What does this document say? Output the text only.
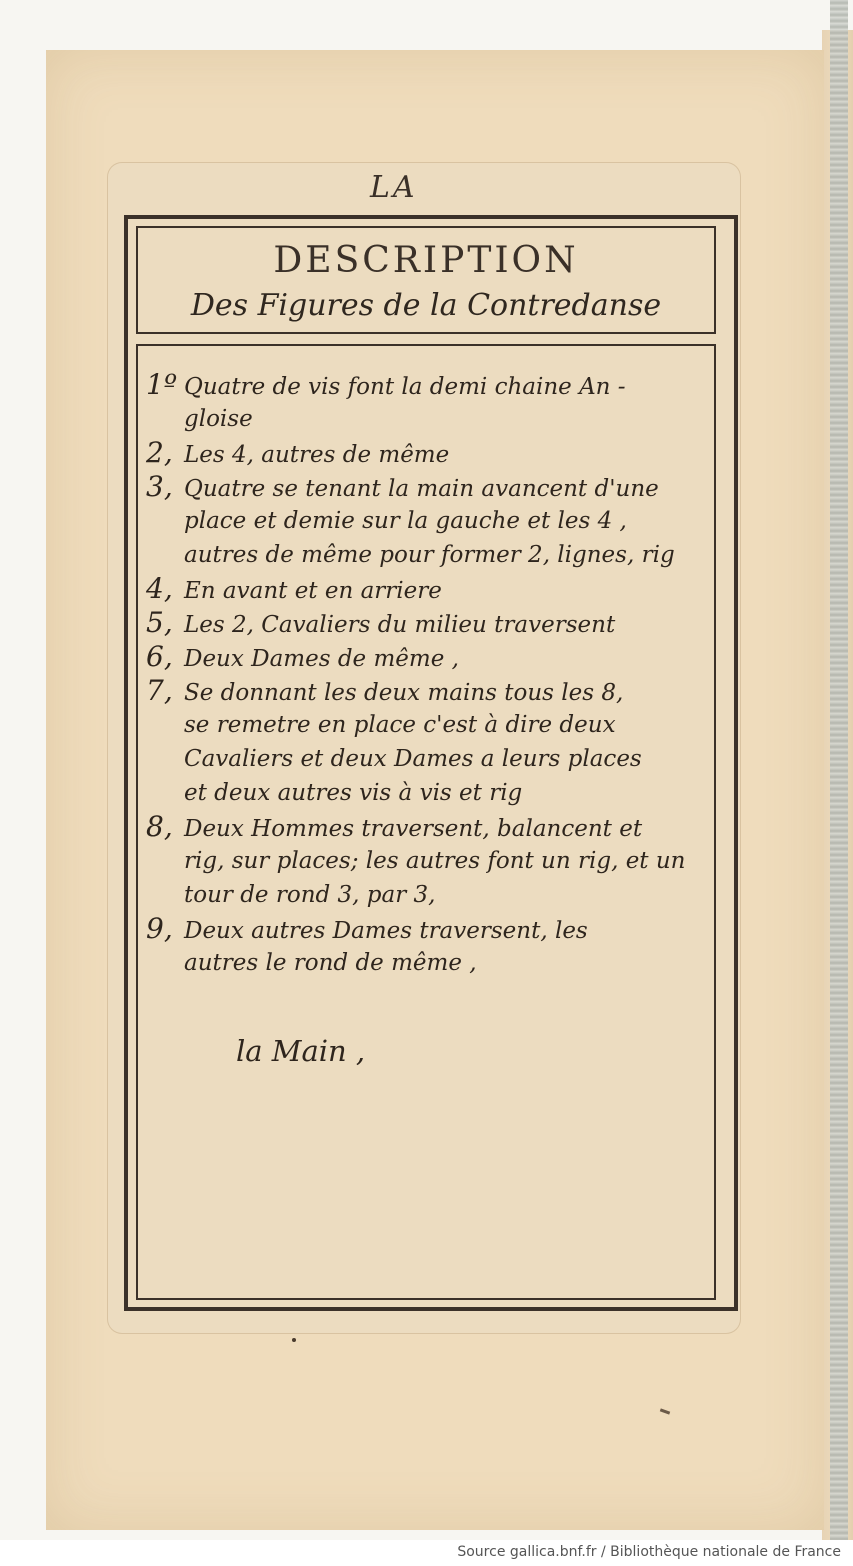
LA
DESCRIPTION
Des Figures de la Contredanse
1º Quatre de vis font la demi chaine An -
gloise
2, Les 4, autres de même
3, Quatre se tenant la main avancent d'une
place et demie sur la gauche et les 4 ,
autres de même pour former 2, lignes, rig
4, En avant et en arriere
5, Les 2, Cavaliers du milieu traversent
6, Deux Dames de même ,
7, Se donnant les deux mains tous les 8,
se remetre en place c'est à dire deux
Cavaliers et deux Dames a leurs places
et deux autres vis à vis et rig
8, Deux Hommes traversent, balancent et
rig, sur places; les autres font un rig, et un
tour de rond 3, par 3,
9, Deux autres Dames traversent, les
autres le rond de même ,
la Main ,
Source gallica.bnf.fr / Bibliothèque nationale de France
